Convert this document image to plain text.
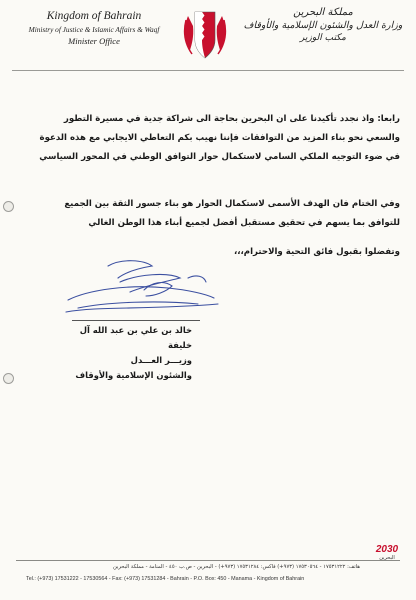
Kingdom of Bahrain
Ministry of Justice & Islamic Affairs & Waqf
Minister Office
مملكة البحرين
وزارة العدل والشئون الإسلامية والأوقاف
مكتب الوزير
رابعا: واذ نجدد تأكيدنا على ان البحرين بحاجة الى شراكة جدية في مسيرة التطور والسعي نحو بناء المزيد من التوافقات فإننا نهيب بكم التعاطي الايجابي مع هذه الدعوة في ضوء التوجيه الملكي السامي لاستكمال حوار التوافق الوطني في المحور السياسي
وفي الختام فان الهدف الأسمى لاستكمال الحوار هو بناء جسور الثقة بين الجميع للتوافق بما يسهم في تحقيق مستقبل أفضل لجميع أبناء هذا الوطن الغالي
وتفضلوا بقبول فائق التحية والاحترام،،،
خالد بن علي بن عبد الله آل خليفة
وزيـــر العـــدل
والشئون الإسلامية والأوقاف
هاتف: ١٧٥٣١٢٢٢ - ١٧٥٣٠٥٦٤ (٩٧٣+) فاكس: ١٧٥٣١٢٨٤ (٩٧٣+) - البحرين - ص.ب ٤٥٠ - المنامة - مملكة البحرين
Tel.: (+973) 17531222 - 17530564 - Fax: (+973) 17531284 - Bahrain - P.O. Box: 450 - Manama - Kingdom of Bahrain
2030
البحرين
